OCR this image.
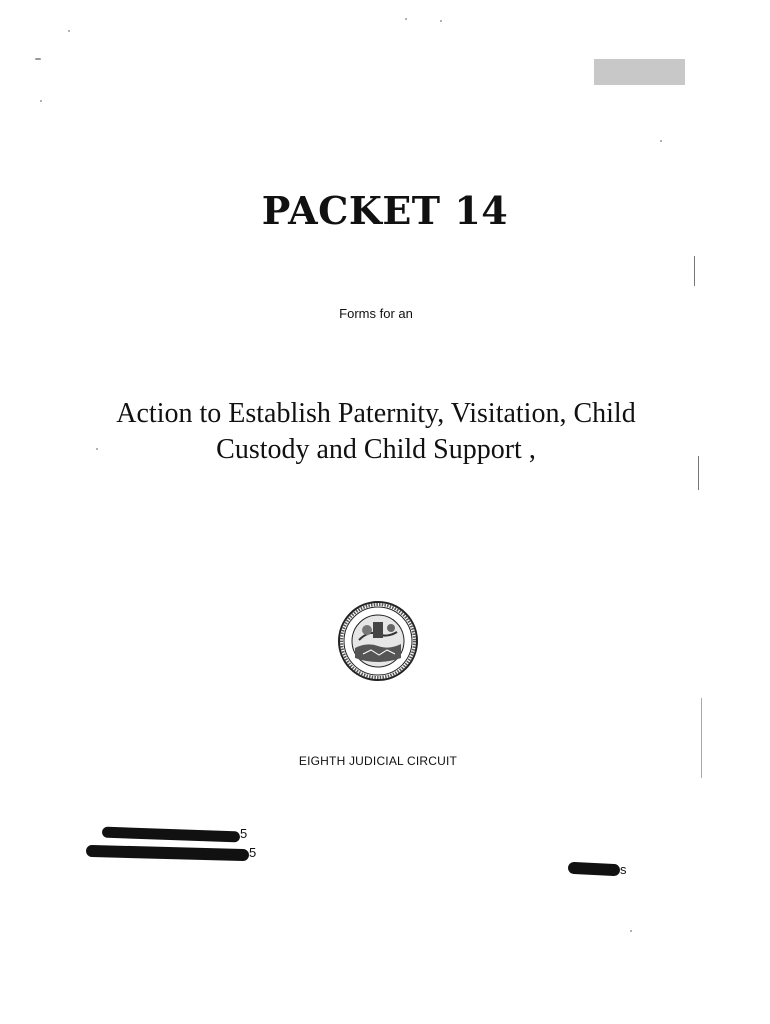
PACKET 14
Forms for an
Action to Establish Paternity, Visitation, Child
Custody and Child Support ,
EIGHTH JUDICIAL CIRCUIT
5
5
s
